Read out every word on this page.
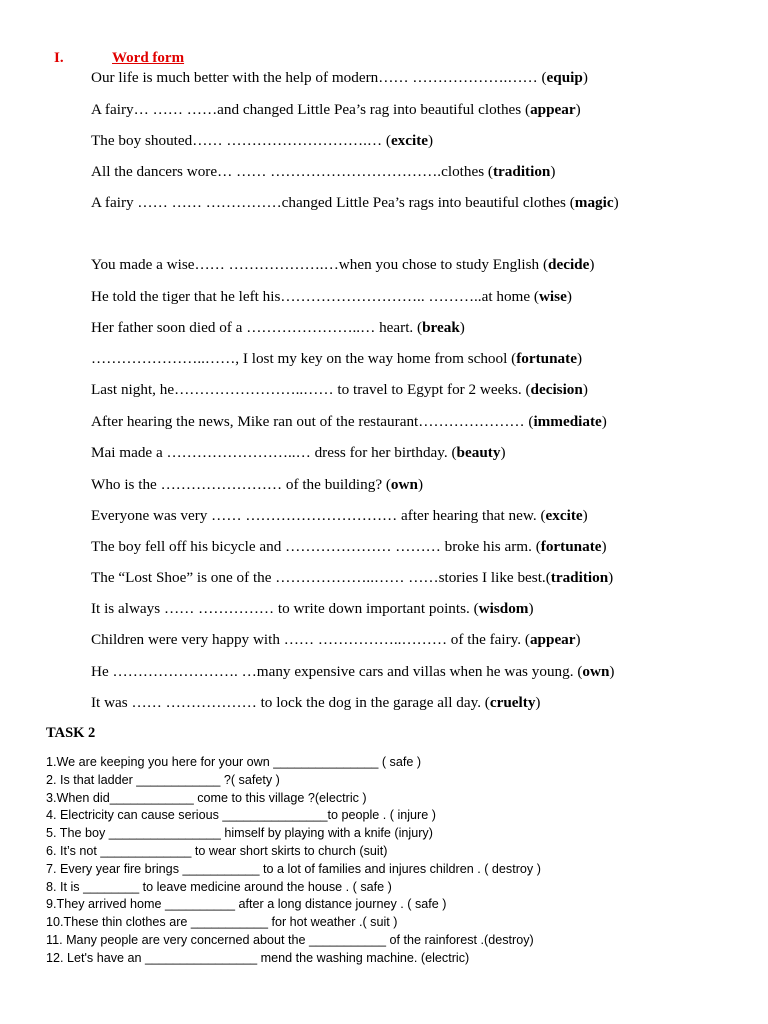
I.	Word form
Our life is much better with the help of modern…… ……………….…… (equip)
A fairy… …… ……and changed Little Pea’s rag into beautiful clothes (appear)
The boy shouted…… ……………………….… (excite)
All the dancers wore… …… …………………………….clothes (tradition)
A fairy …… …… ……………changed Little Pea’s rags into beautiful clothes (magic)
You made a wise…… ……………….…when you chose to study English (decide)
He told the tiger that he left his……………………….. ………..at home (wise)
Her father soon died of a …………………..… heart. (break)
…………………..……, I lost my key on the way home from school (fortunate)
Last night, he……………………..…… to travel to Egypt for 2 weeks. (decision)
After hearing the news, Mike ran out of the restaurant………………… (immediate)
Mai made a ……………………..… dress for her birthday. (beauty)
Who is the …………………… of the building? (own)
Everyone was very …… ………………………… after hearing that new. (excite)
The boy fell off his bicycle and ………………… ……… broke his arm. (fortunate)
The “Lost Shoe” is one of the ………………..…… ……stories I like best.(tradition)
It is always …… …………… to write down important points. (wisdom)
Children were very happy with …… ……………..……… of the fairy. (appear)
He ……………………. …many expensive cars and villas when he was young. (own)
It was …… ……………… to lock the dog in the garage all day. (cruelty)
TASK 2
1.We are keeping you here for your own _______________ ( safe )
2. Is that ladder ____________ ?( safety )
3.When did____________ come to this village ?(electric )
4. Electricity can cause serious _______________to people . ( injure )
5. The boy ________________ himself by playing with a knife (injury)
6. It’s not _____________ to wear short skirts to church (suit)
7. Every year fire brings ___________ to a lot of families and injures children . ( destroy )
8. It is ________ to leave medicine around the house . ( safe )
9.They arrived home __________ after a long distance journey . ( safe )
10.These thin clothes are ___________ for hot weather .( suit )
11. Many people are very concerned about the ___________ of the rainforest .(destroy)
12. Let's have an ________________ mend the washing machine. (electric)
